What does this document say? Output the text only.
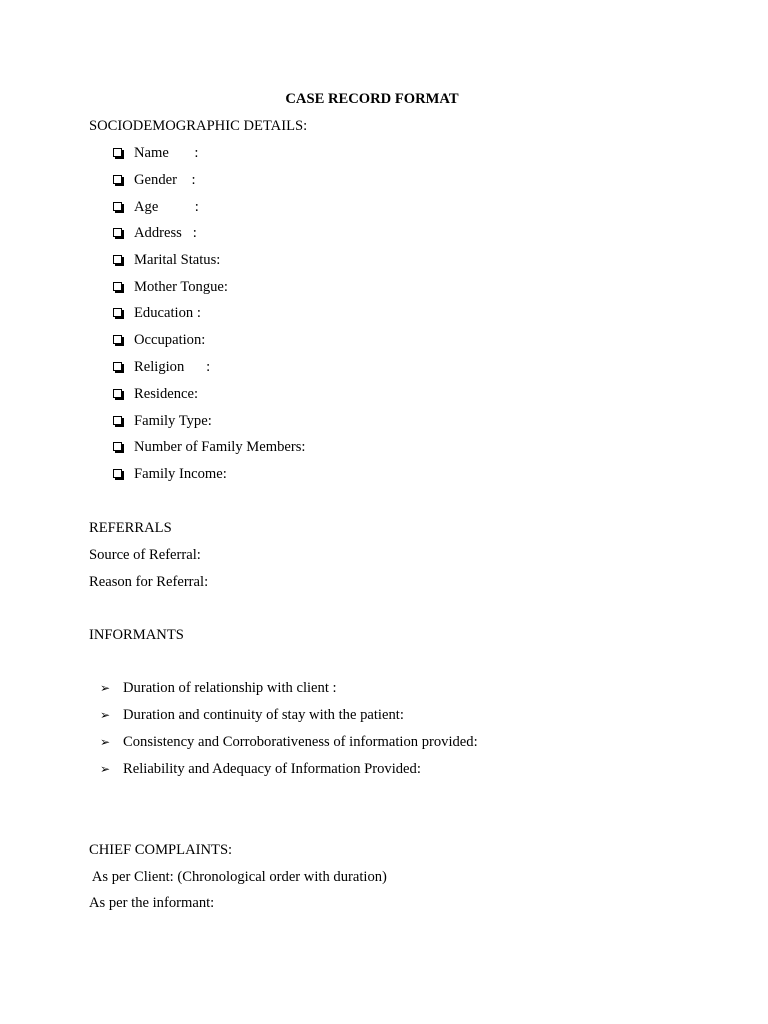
CASE RECORD FORMAT
SOCIODEMOGRAPHIC DETAILS:

Name       :

Gender    :

Age          :

Address   :

Marital Status:

Mother Tongue:

Education :

Occupation:

Religion      :

Residence:

Family Type:

Number of Family Members:

Family Income:

REFERRALS
Source of Referral:
Reason for Referral:
INFORMANTS

➢

Duration of relationship with client :

➢

Duration and continuity of stay with the patient:

➢

Consistency and Corroborativeness of information provided:

➢

Reliability and Adequacy of Information Provided:

CHIEF COMPLAINTS:
As per Client: (Chronological order with duration)
As per the informant:
